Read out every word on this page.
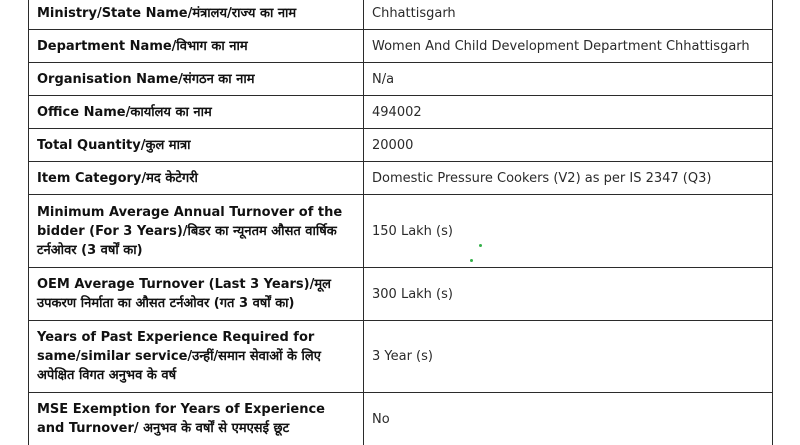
Ministry/State Name/मंत्रालय/राज्य का नाम	Chhattisgarh
Department Name/विभाग का नाम	Women And Child Development Department Chhattisgarh
Organisation Name/संगठन का नाम	N/a
Office Name/कार्यालय का नाम	494002
Total Quantity/कुल मात्रा	20000
Item Category/मद केटेगरी	Domestic Pressure Cookers (V2) as per IS 2347 (Q3)
Minimum Average Annual Turnover of the bidder (For 3 Years)/बिडर का न्यूनतम औसत वार्षिक टर्नओवर (3 वर्षों का)	150 Lakh (s)
OEM Average Turnover (Last 3 Years)/मूल उपकरण निर्माता का औसत टर्नओवर (गत 3 वर्षों का)	300 Lakh (s)
Years of Past Experience Required for same/similar service/उन्हीं/समान सेवाओं के लिए अपेक्षित विगत अनुभव के वर्ष	3 Year (s)
MSE Exemption for Years of Experience and Turnover/ अनुभव के वर्षों से एमएसई छूट	No
